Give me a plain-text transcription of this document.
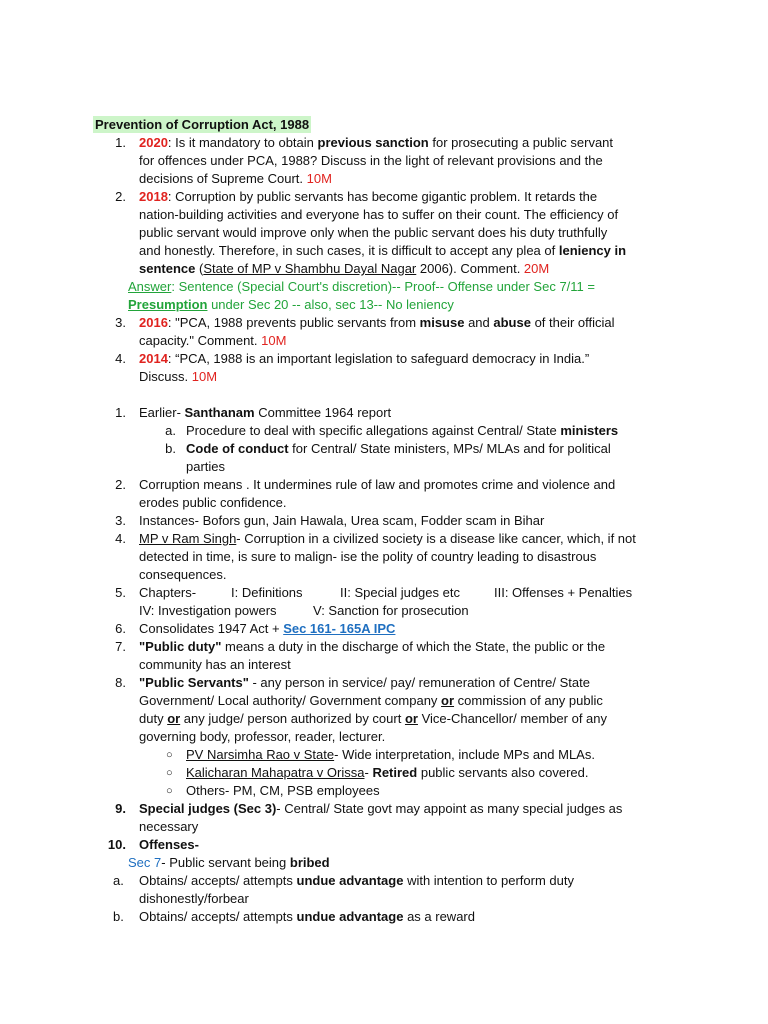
Prevention of Corruption Act, 1988
1. 2020: Is it mandatory to obtain previous sanction for prosecuting a public servant
for offences under PCA, 1988? Discuss in the light of relevant provisions and the
decisions of Supreme Court. 10M
2. 2018: Corruption by public servants has become gigantic problem. It retards the
nation-building activities and everyone has to suffer on their count. The efficiency of
public servant would improve only when the public servant does his duty truthfully
and honestly. Therefore, in such cases, it is difficult to accept any plea of leniency in
sentence (State of MP v Shambhu Dayal Nagar 2006). Comment. 20M
Answer: Sentence (Special Court's discretion)-- Proof-- Offense under Sec 7/11 =
Presumption under Sec 20 -- also, sec 13-- No leniency
3. 2016: "PCA, 1988 prevents public servants from misuse and abuse of their official
capacity." Comment. 10M
4. 2014: “PCA, 1988 is an important legislation to safeguard democracy in India.”
Discuss. 10M
1. Earlier- Santhanam Committee 1964 report
a. Procedure to deal with specific allegations against Central/ State ministers
b. Code of conduct for Central/ State ministers, MPs/ MLAs and for political
parties
2. Corruption means . It undermines rule of law and promotes crime and violence and
erodes public confidence.
3. Instances- Bofors gun, Jain Hawala, Urea scam, Fodder scam in Bihar
4. MP v Ram Singh- Corruption in a civilized society is a disease like cancer, which, if not
detected in time, is sure to malign- ise the polity of country leading to disastrous
consequences.
5. Chapters-	I: Definitions	II: Special judges etc	III: Offenses + Penalties
IV: Investigation powers	V: Sanction for prosecution
6. Consolidates 1947 Act + Sec 161- 165A IPC
7. "Public duty" means a duty in the discharge of which the State, the public or the
community has an interest
8. "Public Servants" - any person in service/ pay/ remuneration of Centre/ State
Government/ Local authority/ Government company or commission of any public
duty or any judge/ person authorized by court or Vice-Chancellor/ member of any
governing body, professor, reader, lecturer.
○ PV Narsimha Rao v State- Wide interpretation, include MPs and MLAs.
○ Kalicharan Mahapatra v Orissa- Retired public servants also covered.
○ Others- PM, CM, PSB employees
9. Special judges (Sec 3)- Central/ State govt may appoint as many special judges as
necessary
10. Offenses-
Sec 7- Public servant being bribed
a. Obtains/ accepts/ attempts undue advantage with intention to perform duty
dishonestly/forbear
b. Obtains/ accepts/ attempts undue advantage as a reward
